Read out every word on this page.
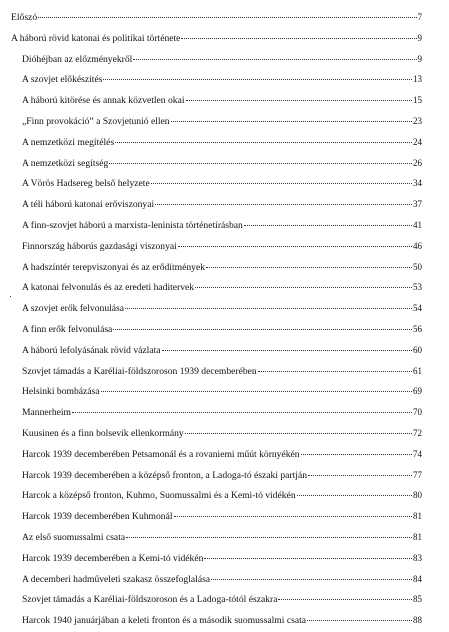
Előszó	7
A háború rövid katonai és politikai története	9
Dióhéjban az előzményekről	9
A szovjet előkészítés	13
A háború kitörése és annak közvetlen okai	15
„Finn provokáció” a Szovjetunió ellen	23
A nemzetközi megítélés	24
A nemzetközi segítség	26
A Vörös Hadsereg belső helyzete	34
A téli háború katonai erőviszonyai	37
A finn-szovjet háború a marxista-leninista történetírásban	41
Finnország háborús gazdasági viszonyai	46
A hadszíntér terepviszonyai és az erődítmények	50
A katonai felvonulás és az eredeti haditervek	53
A szovjet erők felvonulása	54
A finn erők felvonulása	56
A háború lefolyásának rövid vázlata	60
Szovjet támadás a Karéliai-földszoroson 1939 decemberében	61
Helsinki bombázása	69
Mannerheim	70
Kuusinen és a finn bolsevik ellenkormány	72
Harcok 1939 decemberében Petsamonál és a rovaniemi műút környékén	74
Harcok 1939 decemberében a középső fronton, a Ladoga-tó északi partján	77
Harcok a középső fronton, Kuhmo, Suomussalmi és a Kemi-tó vidékén	80
Harcok 1939 decemberében Kuhmonál	81
Az első suomussalmi csata	81
Harcok 1939 decemberében a Kemi-tó vidékén	83
A decemberi hadműveleti szakasz összefoglalása	84
Szovjet támadás a Karéliai-földszoroson és a Ladoga-tótól északra	85
Harcok 1940 januárjában a keleti fronton és a második suomussalmi csata	88
